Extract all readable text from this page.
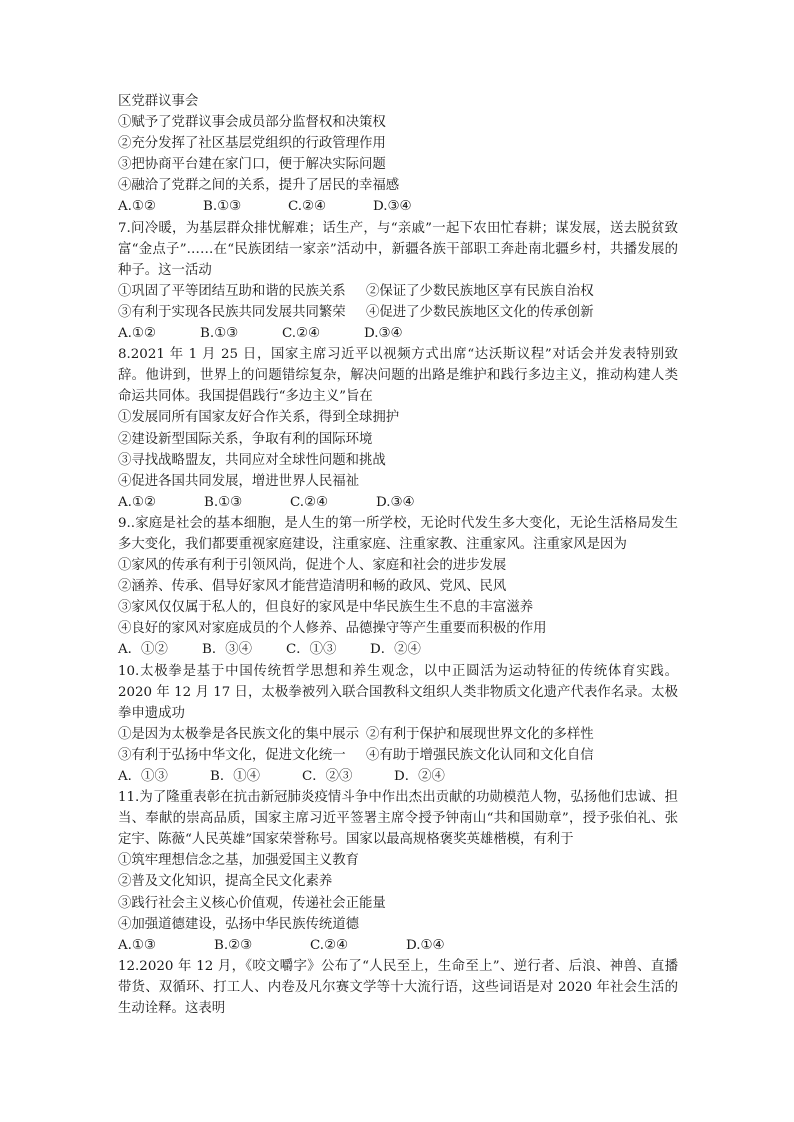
区党群议事会
①赋予了党群议事会成员部分监督权和决策权
②充分发挥了社区基层党组织的行政管理作用
③把协商平台建在家门口，便于解决实际问题
④融洽了党群之间的关系，提升了居民的幸福感
A.①②	B.①③	C.②④	D.③④
7.问冷暖，为基层群众排忧解难；话生产，与“亲戚”一起下农田忙春耕；谋发展，送去脱贫致富“金点子”……在“民族团结一家亲”活动中，新疆各族干部职工奔赴南北疆乡村，共播发展的种子。这一活动
①巩固了平等团结互助和谐的民族关系	②保证了少数民族地区享有民族自治权
③有利于实现各民族共同发展共同繁荣	④促进了少数民族地区文化的传承创新
A.①②	B.①③	C.②④	D.③④
8.2021 年 1 月 25 日，国家主席习近平以视频方式出席“达沃斯议程”对话会并发表特别致辞。他讲到，世界上的问题错综复杂，解决问题的出路是维护和践行多边主义，推动构建人类命运共同体。我国提倡践行“多边主义”旨在
①发展同所有国家友好合作关系，得到全球拥护
②建设新型国际关系，争取有利的国际环境
③寻找战略盟友，共同应对全球性问题和挑战
④促进各国共同发展，增进世界人民福祉
A.①②	B.①③	C.②④	D.③④
9..家庭是社会的基本细胞，是人生的第一所学校，无论时代发生多大变化，无论生活格局发生多大变化，我们都要重视家庭建设，注重家庭、注重家教、注重家风。注重家风是因为
①家风的传承有利于引领风尚，促进个人、家庭和社会的进步发展
②涵养、传承、倡导好家风才能营造清明和畅的政风、党风、民风
③家风仅仅属于私人的，但良好的家风是中华民族生生不息的丰富滋养
④良好的家风对家庭成员的个人修养、品德操守等产生重要而积极的作用
A．①②	B．③④	C．①③	D．②④
10.太极拳是基于中国传统哲学思想和养生观念，以中正圆活为运动特征的传统体育实践。2020 年 12 月 17 日，太极拳被列入联合国教科文组织人类非物质文化遗产代表作名录。太极拳申遗成功
①是因为太极拳是各民族文化的集中展示 ②有利于保护和展现世界文化的多样性
③有利于弘扬中华文化，促进文化统一	④有助于增强民族文化认同和文化自信
A．①③	B．①④	C．②③	D．②④
11.为了隆重表彰在抗击新冠肺炎疫情斗争中作出杰出贡献的功勋模范人物，弘扬他们忠诚、担当、奉献的崇高品质，国家主席习近平签署主席令授予钟南山“共和国勋章”，授予张伯礼、张定宇、陈薇“人民英雄”国家荣誉称号。国家以最高规格褒奖英雄楷模，有利于
①筑牢理想信念之基，加强爱国主义教育
②普及文化知识，提高全民文化素养
③践行社会主义核心价值观，传递社会正能量
④加强道德建设，弘扬中华民族传统道德
A.①③	B.②③	C.②④	D.①④
12.2020 年 12 月，《咬文嚼字》公布了“人民至上，生命至上”、逆行者、后浪、神兽、直播带货、双循环、打工人、内卷及凡尔赛文学等十大流行语，这些词语是对 2020 年社会生活的生动诠释。这表明
